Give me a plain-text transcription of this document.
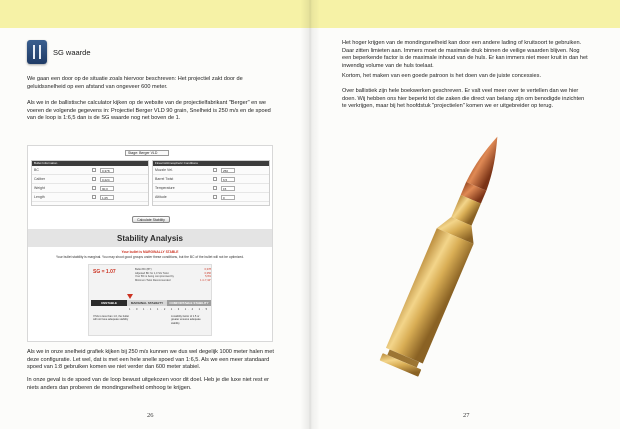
SG waarde
We gaan een door op de situatie zoals hiervoor beschreven: Het projectiel zakt door de geluidssnelheid op een afstand van ongeveer 600 meter.
Als we in de ballistische calculator kijken op de website van de projectielfabrikant "Berger" en we voeren de volgende gegevens in: Projectiel Berger VLD 90 grain, Snelheid is 250 m/s en de spoed van de loop is 1:6,5 dan is de SG waarde nog net boven de 1.
Stage: Berger VLD
Bullet Information
BC	0,378
Caliber	0,224
Weight	90,0
Length	1,05
Firearm/Atmospheric Conditions
Muzzle Vel.	250
Barrel Twist	6,5
Temperature	15
Altitude	0
Calculate Stability
Stability Analysis
Your bullet is MARGINALLY STABLE
Your bullet stability is marginal. You may shoot good groups under these conditions, but the BC of the bullet will not be optimized.
SG = 1.07	Bullet BC (BT)	0,378
Adjusted BC for 1,0 SG Twist	0,356
Your BC is being compromised by	5,9%
Minimum Twist Recommended	1 in 7,34"
UNSTABLE	MARGINAL STABILITY	COMFORTABLE STABILITY
1.0 1.1 1.2 1.3 1.4 1.5
If SG is less than 1.0, the bullet will not have adequate stability
A stability factor of 1.5 or greater ensures adequate stability
Als we in onze snelheid grafiek kijken bij 250 m/s kunnen we dus wel degelijk 1000 meter halen met deze configuratie. Let wel, dat is met een hele snelle spoed van 1:6,5. Als we een meer standaard spoed van 1:8 gebruiken komen we niet verder dan 600 meter stabiel.
In onze geval is de spoed van de loop bewust uitgekozen voor dit doel. Heb je die luxe niet rest er niets anders dan proberen de mondingsnelheid omhoog te krijgen.
26
Het hoger krijgen van de mondingsnelheid kan door een andere lading of kruitsoort te gebruiken. Daar zitten limieten aan. Immers moet de maximale druk binnen de veilige waarden blijven. Nog een beperkende factor is de maximale inhoud van de huls. Er kan immers niet meer kruit in dan het inwendig volume van de huls toelaat.
Kortom, het maken van een goede patroon is het doen van de juiste concessies.
Over ballistiek zijn hele boekwerken geschreven. Er valt veel meer over te vertellen dan we hier doen. Wij hebben ons hier beperkt tot die zaken die direct van belang zijn om benodigde inzichten te verkrijgen, maar bij het hoofdstuk "projectielen" komen we er uitgebreider op terug.
27
